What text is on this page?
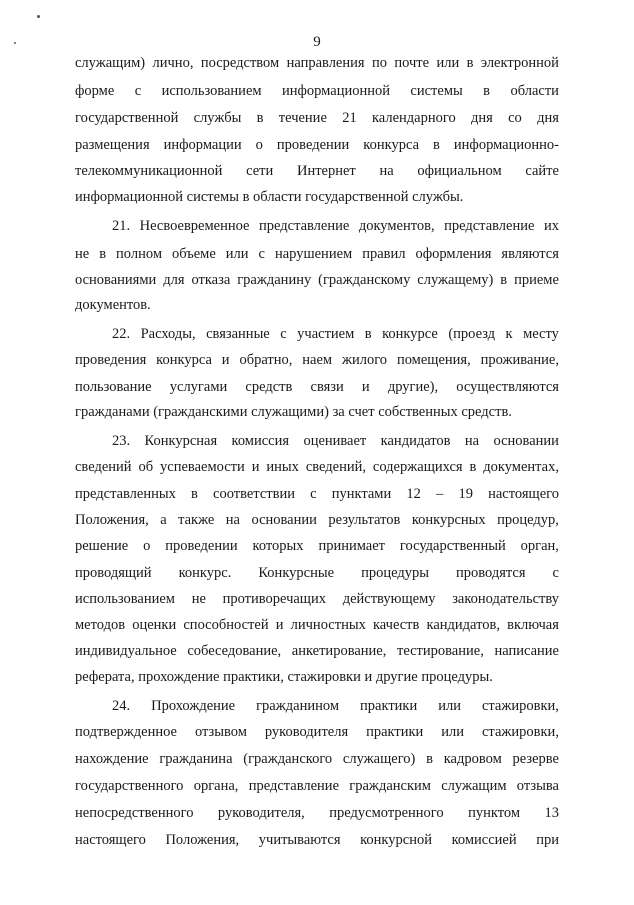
9
служащим) лично, посредством направления по почте или в электронной
форме с использованием информационной системы в области
государственной службы в течение 21 календарного дня со дня
размещения информации о проведении конкурса в информационно-
телекоммуникационной сети Интернет на официальном сайте
информационной системы в области государственной службы.
21. Несвоевременное представление документов, представление их
не в полном объеме или с нарушением правил оформления являются
основаниями для отказа гражданину (гражданскому служащему) в приеме
документов.
22. Расходы, связанные с участием в конкурсе (проезд к месту
проведения конкурса и обратно, наем жилого помещения, проживание,
пользование услугами средств связи и другие), осуществляются
гражданами (гражданскими служащими) за счет собственных средств.
23. Конкурсная комиссия оценивает кандидатов на основании
сведений об успеваемости и иных сведений, содержащихся в документах,
представленных в соответствии с пунктами 12 – 19 настоящего
Положения, а также на основании результатов конкурсных процедур,
решение о проведении которых принимает государственный орган,
проводящий конкурс. Конкурсные процедуры проводятся с
использованием не противоречащих действующему законодательству
методов оценки способностей и личностных качеств кандидатов, включая
индивидуальное собеседование, анкетирование, тестирование, написание
реферата, прохождение практики, стажировки и другие процедуры.
24. Прохождение гражданином практики или стажировки,
подтвержденное отзывом руководителя практики или стажировки,
нахождение гражданина (гражданского служащего) в кадровом резерве
государственного органа, представление гражданским служащим отзыва
непосредственного руководителя, предусмотренного пунктом 13
настоящего Положения, учитываются конкурсной комиссией при
